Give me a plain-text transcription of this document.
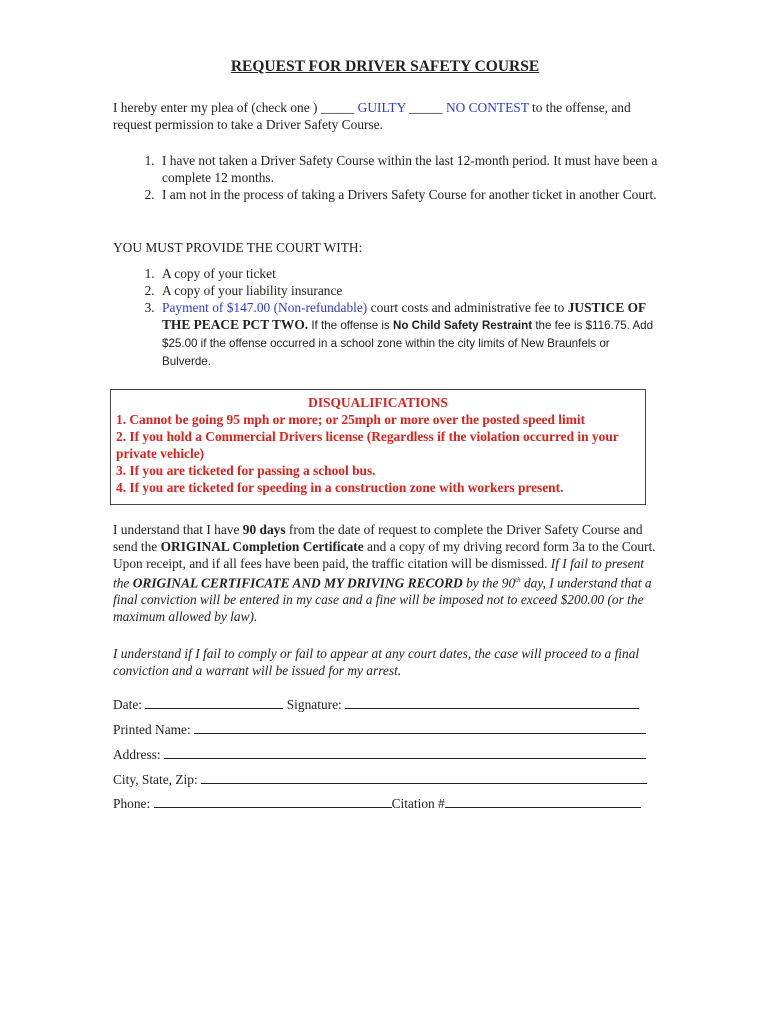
REQUEST FOR DRIVER SAFETY COURSE
I hereby enter my plea of (check one ) _____ GUILTY _____ NO CONTEST to the offense, and request permission to take a Driver Safety Course.
1. I have not taken a Driver Safety Course within the last 12-month period. It must have been a complete 12 months.
2. I am not in the process of taking a Drivers Safety Course for another ticket in another Court.
YOU MUST PROVIDE THE COURT WITH:
1. A copy of your ticket
2. A copy of your liability insurance
3. Payment of $147.00 (Non-refundable) court costs and administrative fee to JUSTICE OF THE PEACE PCT TWO. If the offense is No Child Safety Restraint the fee is $116.75. Add $25.00 if the offense occurred in a school zone within the city limits of New Braunfels or Bulverde.
DISQUALIFICATIONS
1. Cannot be going 95 mph or more; or 25mph or more over the posted speed limit
2. If you hold a Commercial Drivers license (Regardless if the violation occurred in your private vehicle)
3. If you are ticketed for passing a school bus.
4. If you are ticketed for speeding in a construction zone with workers present.
I understand that I have 90 days from the date of request to complete the Driver Safety Course and send the ORIGINAL Completion Certificate and a copy of my driving record form 3a to the Court. Upon receipt, and if all fees have been paid, the traffic citation will be dismissed. If I fail to present the ORIGINAL CERTIFICATE AND MY DRIVING RECORD by the 90th day, I understand that a final conviction will be entered in my case and a fine will be imposed not to exceed $200.00 (or the maximum allowed by law).
I understand if I fail to comply or fail to appear at any court dates, the case will proceed to a final conviction and a warrant will be issued for my arrest.
Date:	Signature:
Printed Name:
Address:
City, State, Zip:
Phone:	Citation #
